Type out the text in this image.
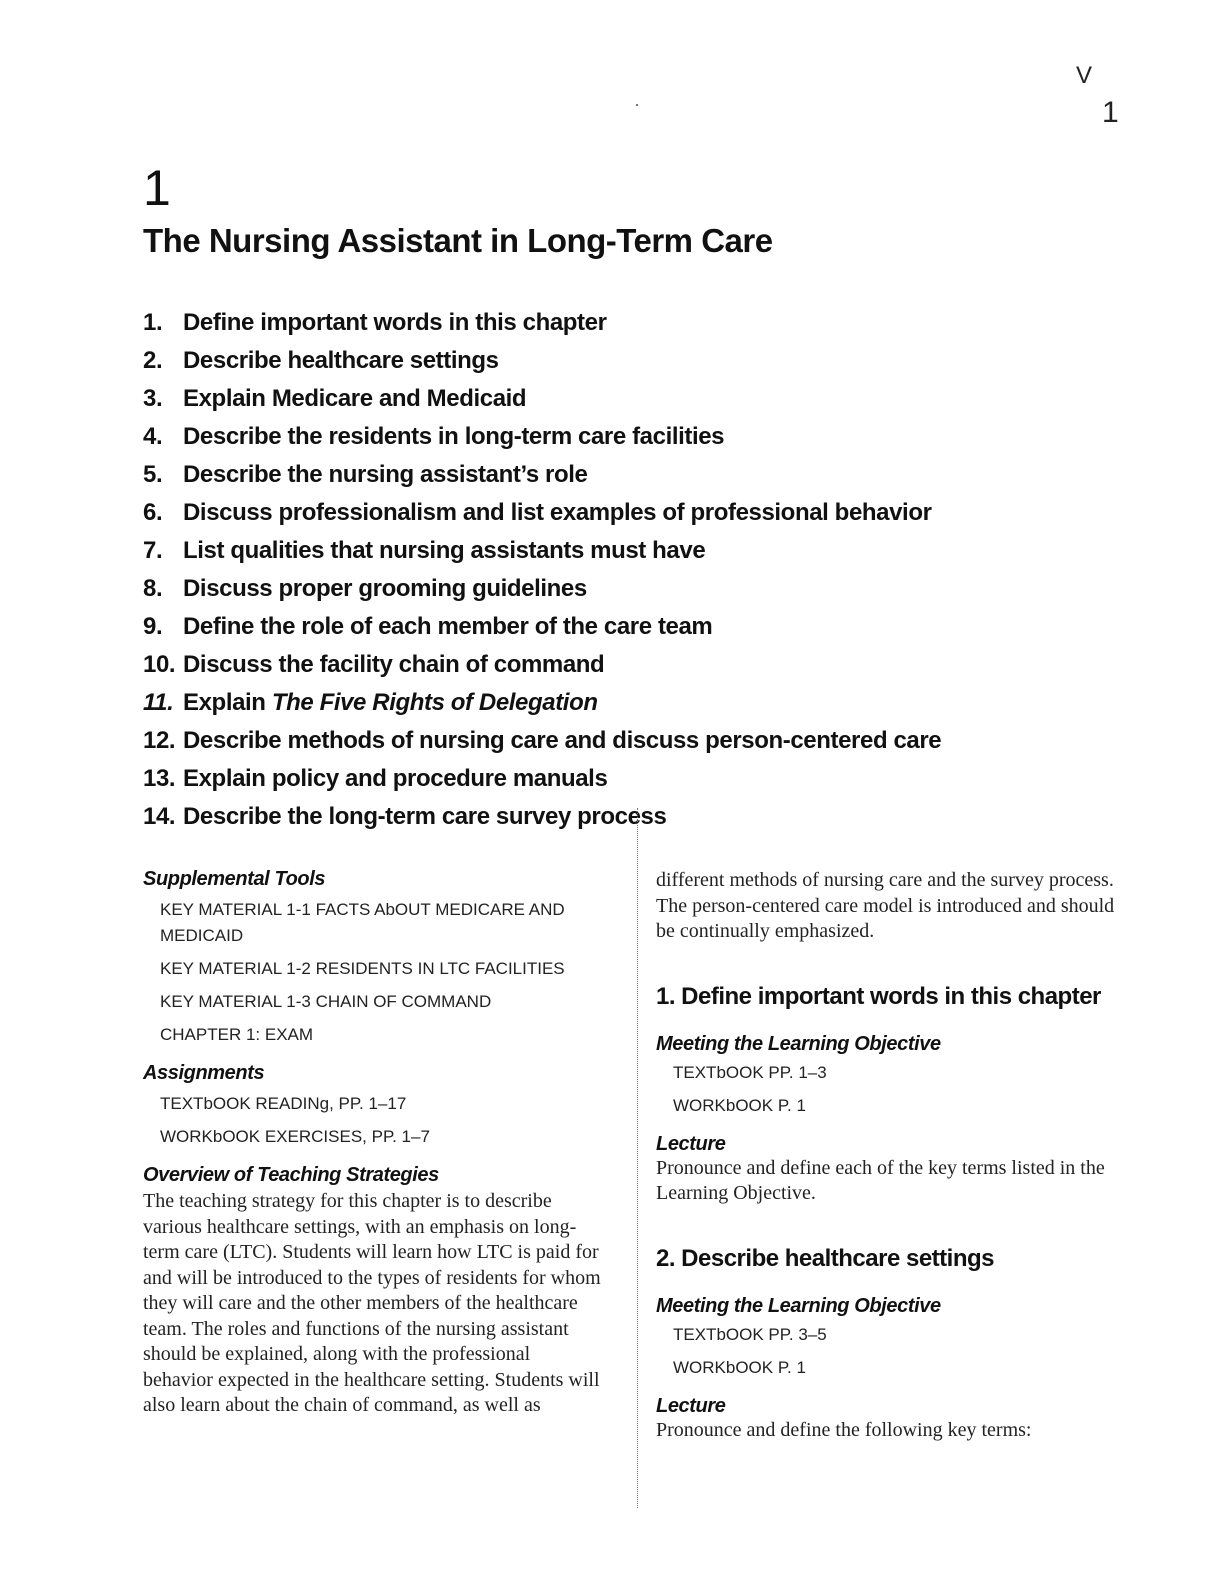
V
1
1
The Nursing Assistant in Long-Term Care
1. Define important words in this chapter
2. Describe healthcare settings
3. Explain Medicare and Medicaid
4. Describe the residents in long-term care facilities
5. Describe the nursing assistant’s role
6. Discuss professionalism and list examples of professional behavior
7. List qualities that nursing assistants must have
8. Discuss proper grooming guidelines
9. Define the role of each member of the care team
10. Discuss the facility chain of command
11. Explain The Five Rights of Delegation
12. Describe methods of nursing care and discuss person-centered care
13. Explain policy and procedure manuals
14. Describe the long-term care survey process
Supplemental Tools
KEY MATERIAL 1-1 FACTS AbOUT MEDICARE AND MEDICAID
KEY MATERIAL 1-2 RESIDENTS IN LTC FACILITIES
KEY MATERIAL 1-3 CHAIN OF COMMAND
CHAPTER 1: EXAM
Assignments
TEXTbOOK READINg, PP. 1–17
WORKbOOK EXERCISES, PP. 1–7
Overview of Teaching Strategies

The teaching strategy for this chapter is to describe various healthcare settings, with an emphasis on long-term care (LTC). Students will learn how LTC is paid for and will be introduced to the types of residents for whom they will care and the other members of the healthcare team. The roles and functions of the nursing assistant should be explained, along with the professional behavior expected in the healthcare setting. Students will also learn about the chain of command, as well as

different methods of nursing care and the survey process. The person-centered care model is introduced and should be continually emphasized.

1. Define important words in this chapter
Meeting the Learning Objective
TEXTbOOK PP. 1–3
WORKbOOK P. 1
Lecture

Pronounce and define each of the key terms listed in the Learning Objective.

2. Describe healthcare settings
Meeting the Learning Objective
TEXTbOOK PP. 3–5
WORKbOOK P. 1
Lecture

Pronounce and define the following key terms:
